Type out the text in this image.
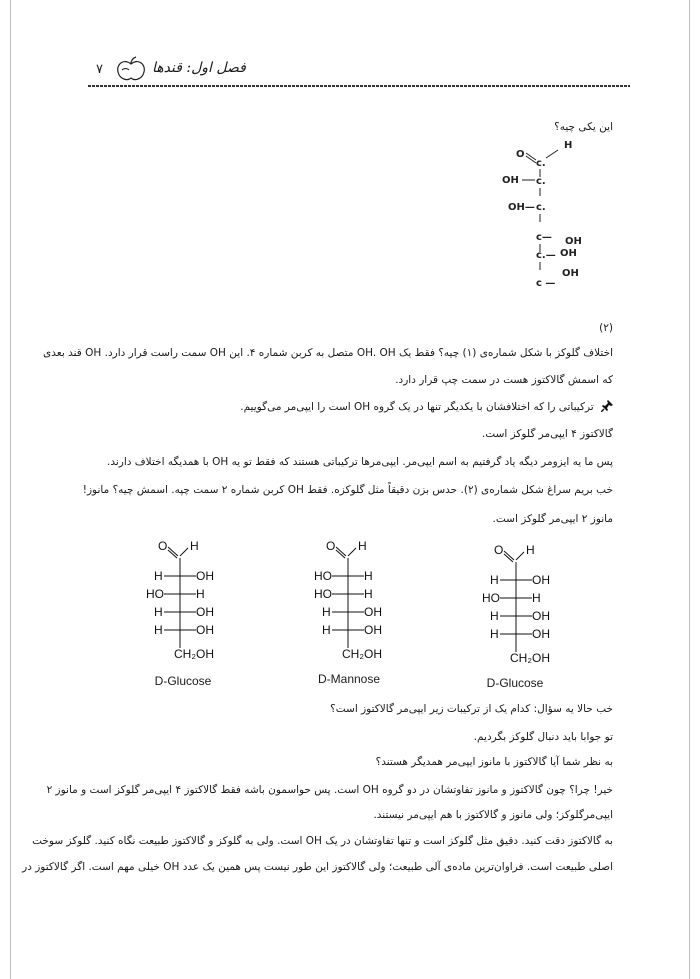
۷	فصل اول: قندها
این یکی چیه؟
H
O
c.
OH c.
OH— c.
c— OH
c.— OH
c —
OH
(۲)
اختلاف گلوکز با شکل شماره‌ی (۱) چیه؟ فقط یک OH. OH متصل به کربن شماره ۴. این OH سمت راست قرار دارد. OH قند بعدی
که اسمش گالاکتوز هست در سمت چپ قرار دارد.
ترکیباتی را که اختلافشان با یکدیگر تنها در یک گروه OH است را ایپی‌مر می‌گوییم.
گالاکتوز ۴ ایپی‌مر گلوکز است.
پس ما یه ایزومر دیگه یاد گرفتیم به اسم ایپی‌مر. ایپی‌مرها ترکیباتی هستند که فقط تو یه OH با همدیگه اختلاف دارند.
خب بریم سراغ شکل شماره‌ی (۲). حدس بزن دقیقاً مثل گلوکزه. فقط OH کربن شماره ۲ سمت چپه. اسمش چیه؟ مانوز!
مانوز ۲ ایپی‌مر گلوکز است.
O H
H	OH
HO	H
H	OH
H	OH
CH₂OH
D-Glucose
O H
HO	H
HO	H
H	OH
H	OH
CH₂OH
D-Mannose
O H
H	OH
HO	H
H	OH
H	OH
CH₂OH
D-Glucose
خب حالا یه سؤال: کدام یک از ترکیبات زیر ایپی‌مر گالاکتوز است؟
تو جوابا باید دنبال گلوکز بگردیم.
به نظر شما آیا گالاکتوز با مانوز ایپی‌مر همدیگر هستند؟
خیر! چرا؟ چون گالاکتوز و مانوز تفاوتشان در دو گروه OH است. پس حواسمون باشه فقط گالاکتوز ۴ ایپی‌مر گلوکز است و مانوز ۲
ایپی‌مرگلوکز؛ ولی مانوز و گالاکتوز با هم ایپی‌مر نیستند.
به گالاکتوز دقت کنید. دقیق مثل گلوکز است و تنها تفاوتشان در یک OH است. ولی به گلوکز و گالاکتوز طبیعت نگاه کنید. گلوکز سوخت
اصلی طبیعت است. فراوان‌ترین ماده‌ی آلی طبیعت؛ ولی گالاکتوز این طور نیست پس همین یک عدد OH خیلی مهم است. اگر گالاکتوز در
